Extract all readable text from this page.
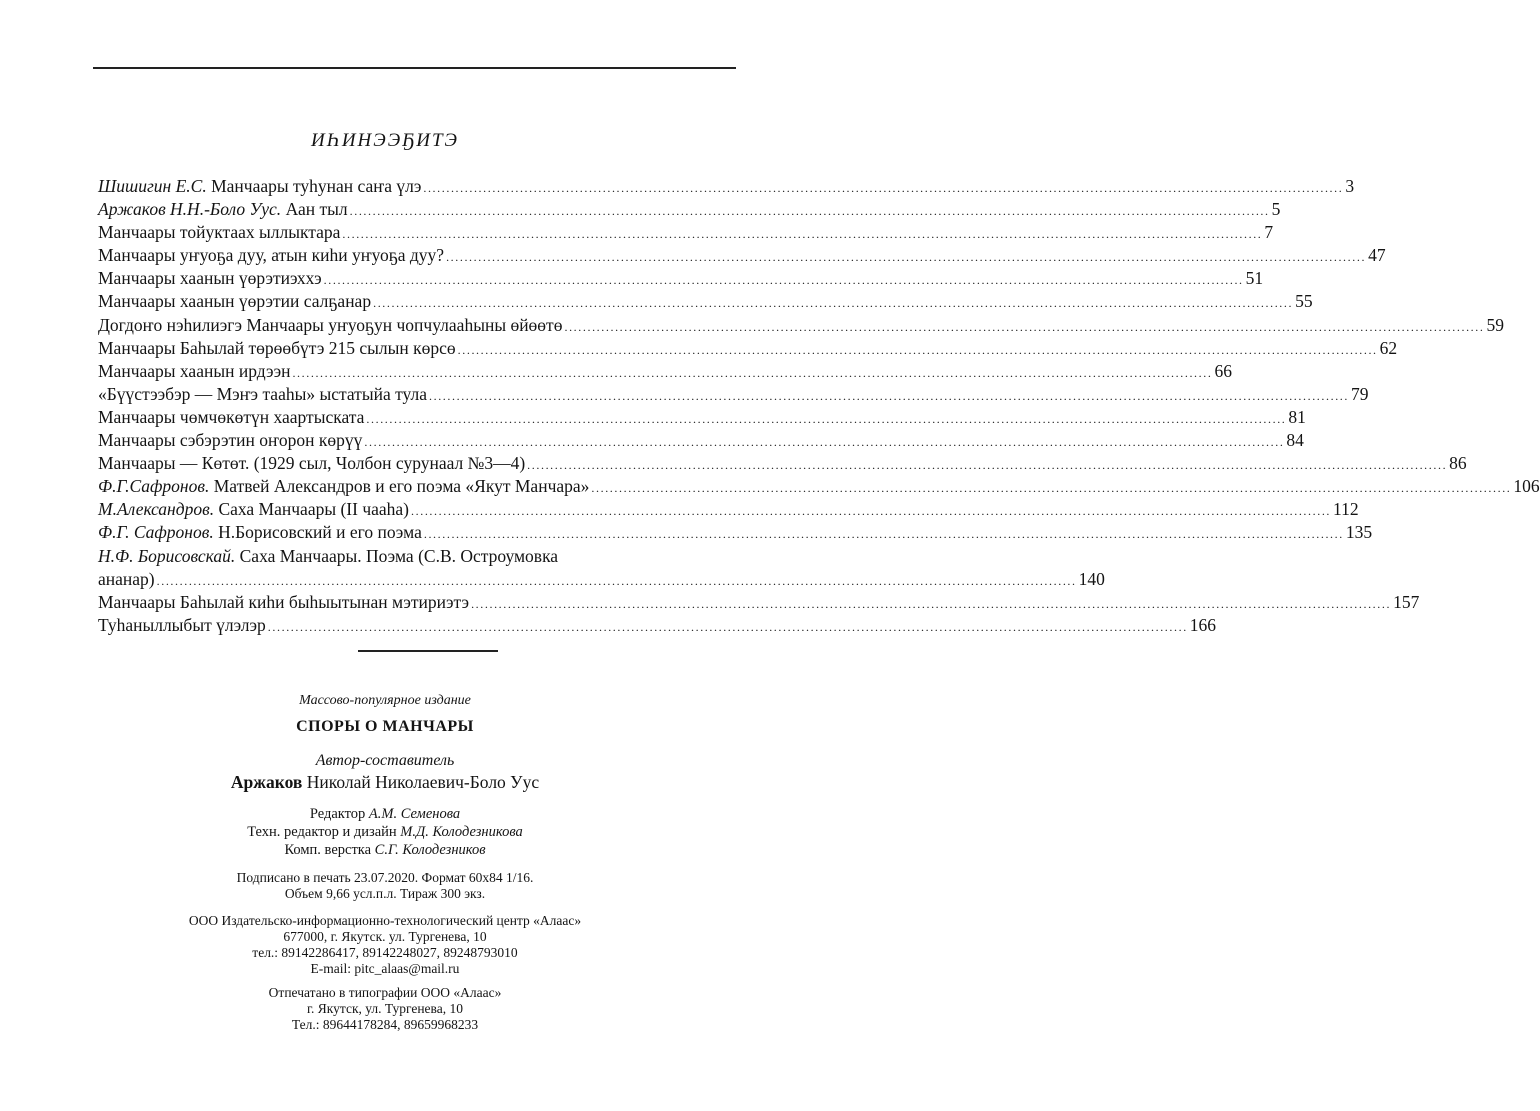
ИҺИНЭЭҔИТЭ
Шишигин Е.С. Манчаары туһунан саҥа үлэ ........................................................................................................................................................................................................ 3
Аржаков Н.Н.-Боло Уус. Аан тыл ........................................................................................................................................................................................................ 5
Манчаары тойуктаах ыллыктара ........................................................................................................................................................................................................ 7
Манчаары уҥуоҕа дуу, атын киһи уҥуоҕа дуу? ........................................................................................................................................................................................................ 47
Манчаары хаанын үөрэтиэххэ ........................................................................................................................................................................................................ 51
Манчаары хаанын үөрэтии салҕанар ........................................................................................................................................................................................................ 55
Догдоҥо нэһилиэгэ Манчаары уҥуоҕун чопчулааһыны өйөөтө ........................................................................................................................................................................................................ 59
Манчаары Баһылай төрөөбүтэ 215 сылын көрсө ........................................................................................................................................................................................................ 62
Манчаары хаанын ирдээн ........................................................................................................................................................................................................ 66
«Бүүстээбэр — Мэҥэ тааһы» ыстатыйа тула ........................................................................................................................................................................................................ 79
Манчаары чөмчөкөтүн хаартыската ........................................................................................................................................................................................................ 81
Манчаары сэбэрэтин оҥорон көрүү ........................................................................................................................................................................................................ 84
Манчаары — Көтөт. (1929 сыл, Чолбон сурунаал №3—4) ........................................................................................................................................................................................................ 86
Ф.Г.Сафронов. Матвей Александров и его поэма «Якут Манчара» ........................................................................................................................................................................................................ 106
М.Александров. Саха Манчаары (II чааһа) ........................................................................................................................................................................................................ 112
Ф.Г. Сафронов. Н.Борисовский и его поэма ........................................................................................................................................................................................................ 135
Н.Ф. Борисовскай. Саха Манчаары. Поэма (С.В. Остроумовка
ананар) ........................................................................................................................................................................................................ 140
Манчаары Баһылай киһи быһыытынан мэтириэтэ ........................................................................................................................................................................................................ 157
Туһаныллыбыт үлэлэр ........................................................................................................................................................................................................ 166
Массово-популярное издание
СПОРЫ О МАНЧАРЫ
Автор-составитель
Аржаков Николай Николаевич-Боло Уус
Редактор А.М. Семенова
Техн. редактор и дизайн М.Д. Колодезникова
Комп. верстка С.Г. Колодезников
Подписано в печать 23.07.2020. Формат 60х84 1/16.
Объем 9,66 усл.п.л. Тираж 300 экз.
ООО Издательско-информационно-технологический центр «Алаас»
677000, г. Якутск. ул. Тургенева, 10
тел.: 89142286417, 89142248027, 89248793010
E-mail: pitc_alaas@mail.ru
Отпечатано в типографии ООО «Алаас»
г. Якутск, ул. Тургенева, 10
Тел.: 89644178284, 89659968233
